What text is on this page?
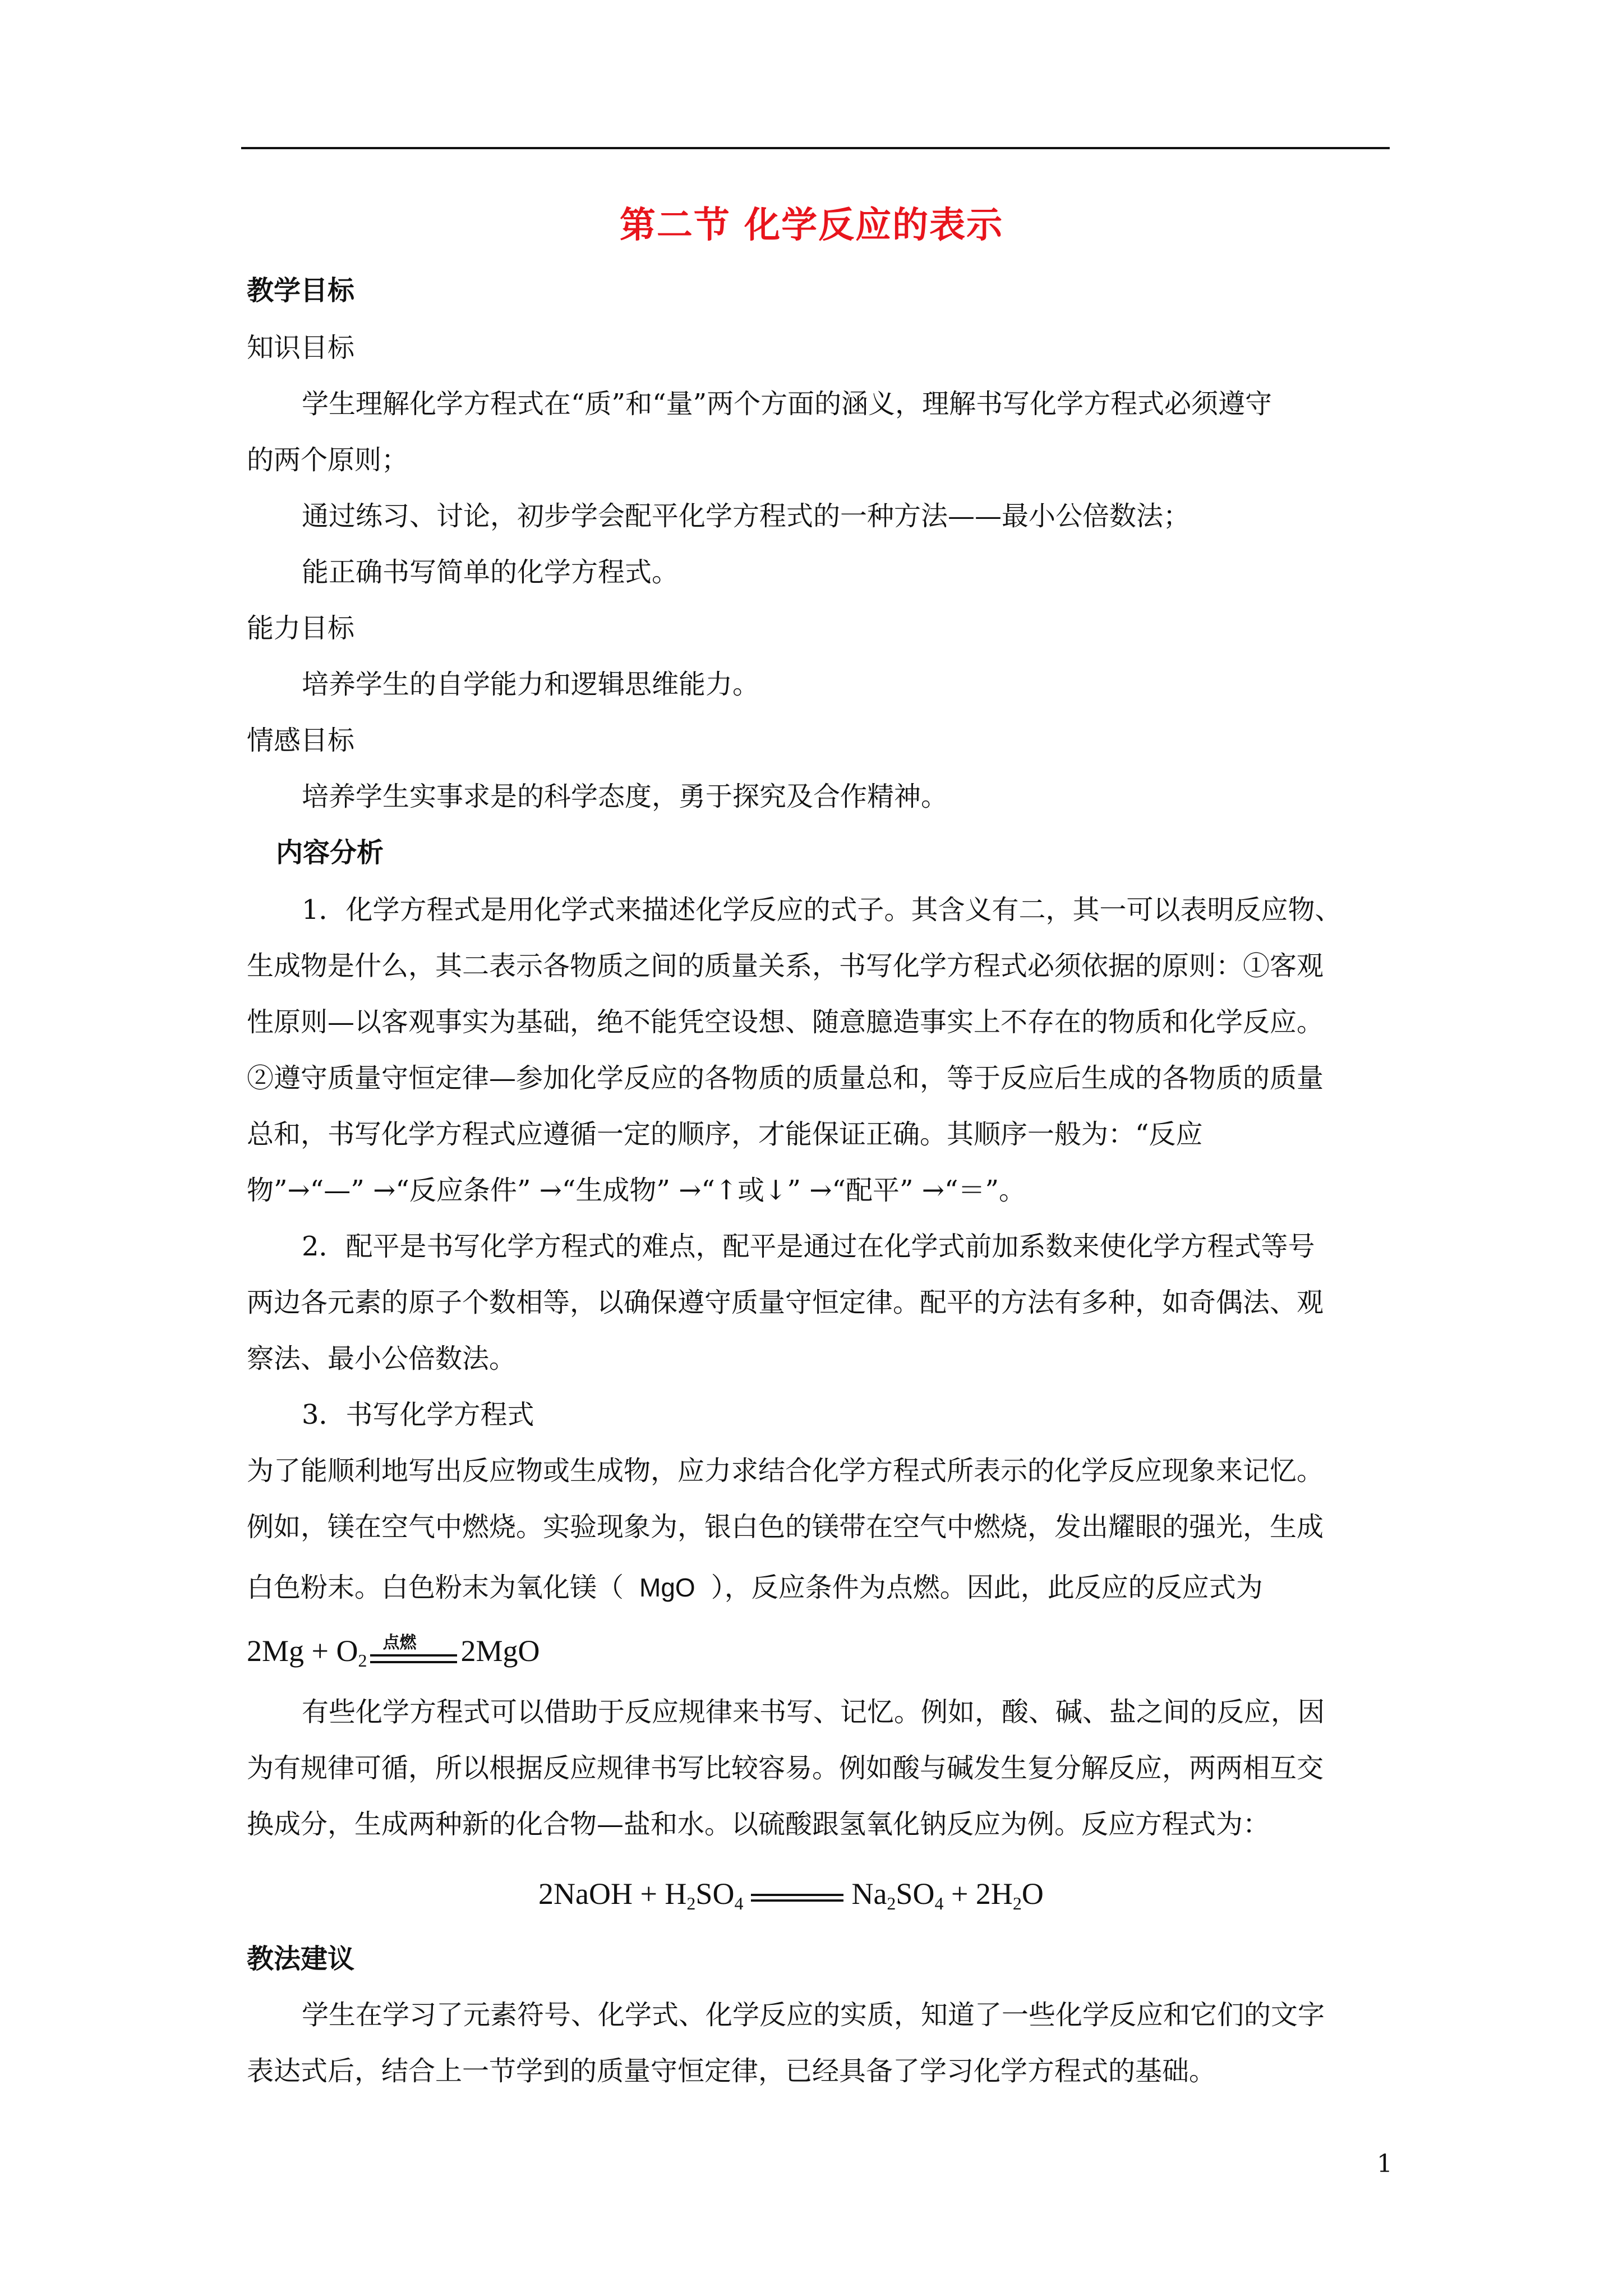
第二节 化学反应的表示
教学目标
知识目标
学生理解化学方程式在“质”和“量”两个方面的涵义，理解书写化学方程式必须遵守
的两个原则；
通过练习、讨论，初步学会配平化学方程式的一种方法——最小公倍数法；
能正确书写简单的化学方程式。
能力目标
培养学生的自学能力和逻辑思维能力。
情感目标
培养学生实事求是的科学态度，勇于探究及合作精神。
内容分析
1．化学方程式是用化学式来描述化学反应的式子。其含义有二，其一可以表明反应物、
生成物是什么，其二表示各物质之间的质量关系，书写化学方程式必须依据的原则：①客观
性原则—以客观事实为基础，绝不能凭空设想、随意臆造事实上不存在的物质和化学反应。
②遵守质量守恒定律—参加化学反应的各物质的质量总和，等于反应后生成的各物质的质量
总和，书写化学方程式应遵循一定的顺序，才能保证正确。其顺序一般为：“反应
物”→“—” →“反应条件” →“生成物” →“↑或↓” →“配平” →“＝”。
2．配平是书写化学方程式的难点，配平是通过在化学式前加系数来使化学方程式等号
两边各元素的原子个数相等，以确保遵守质量守恒定律。配平的方法有多种，如奇偶法、观
察法、最小公倍数法。
3．书写化学方程式
为了能顺利地写出反应物或生成物，应力求结合化学方程式所表示的化学反应现象来记忆。
例如，镁在空气中燃烧。实验现象为，银白色的镁带在空气中燃烧，发出耀眼的强光，生成
白色粉末。白色粉末为氧化镁（ MgO ），反应条件为点燃。因此，此反应的反应式为
$2Mg + O_2$
点燃 2MgO
有些化学方程式可以借助于反应规律来书写、记忆。例如，酸、碱、盐之间的反应，因
为有规律可循，所以根据反应规律书写比较容易。例如酸与碱发生复分解反应，两两相互交
换成分，生成两种新的化合物—盐和水。以硫酸跟氢氧化钠反应为例。反应方程式为：
2NaOH + $H_2SO_4$	$Na_2SO_4 + 2H_2O$
教法建议
学生在学习了元素符号、化学式、化学反应的实质，知道了一些化学反应和它们的文字
表达式后，结合上一节学到的质量守恒定律，已经具备了学习化学方程式的基础。
1
